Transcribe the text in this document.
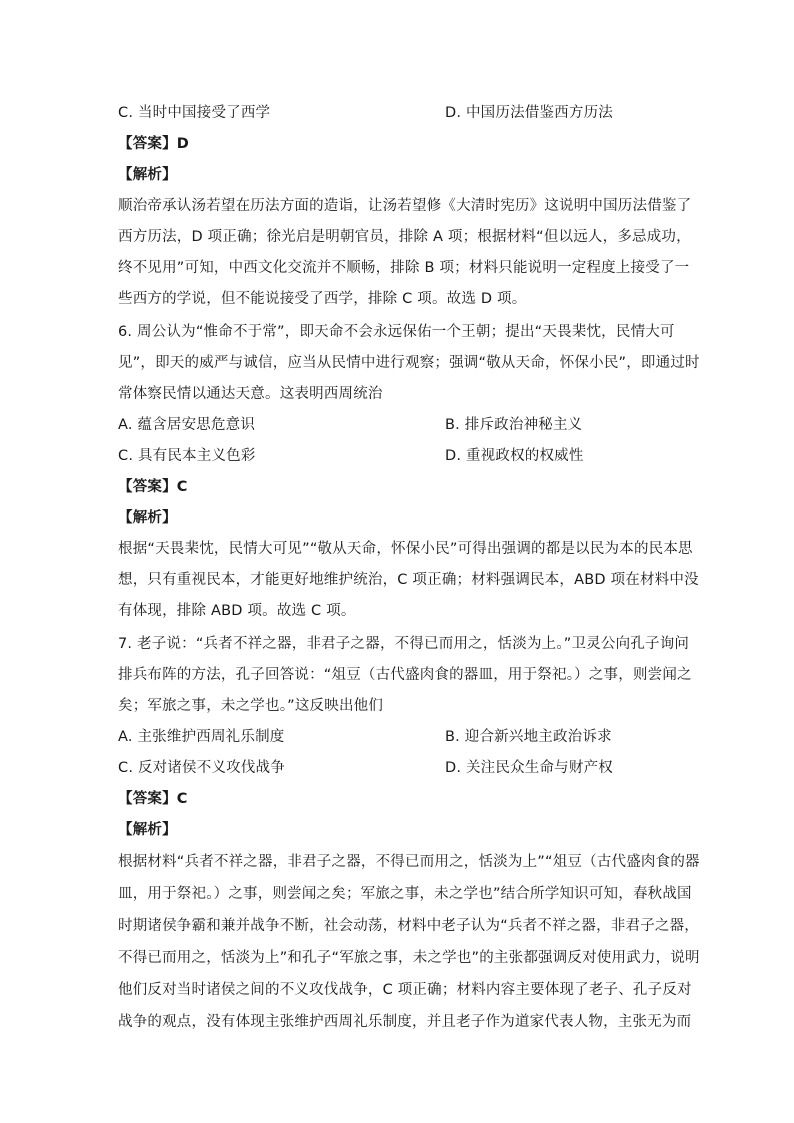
C. 当时中国接受了西学	D. 中国历法借鉴西方历法
【答案】D
【解析】
顺治帝承认汤若望在历法方面的造诣，让汤若望修《大清时宪历》这说明中国历法借鉴了
西方历法，D 项正确；徐光启是明朝官员，排除 A 项；根据材料“但以远人，多忌成功，
终不见用”可知，中西文化交流并不顺畅，排除 B 项；材料只能说明一定程度上接受了一
些西方的学说，但不能说接受了西学，排除 C 项。故选 D 项。
6. 周公认为“惟命不于常”，即天命不会永远保佑一个王朝；提出“天畏棐忱，民情大可
见”，即天的威严与诚信，应当从民情中进行观察；强调“敬从天命，怀保小民”，即通过时
常体察民情以通达天意。这表明西周统治
A. 蕴含居安思危意识	B. 排斥政治神秘主义
C. 具有民本主义色彩	D. 重视政权的权威性
【答案】C
【解析】
根据“天畏棐忱，民情大可见”“敬从天命，怀保小民”可得出强调的都是以民为本的民本思
想，只有重视民本，才能更好地维护统治，C 项正确；材料强调民本，ABD 项在材料中没
有体现，排除 ABD 项。故选 C 项。
7. 老子说：“兵者不祥之器，非君子之器，不得已而用之，恬淡为上。”卫灵公向孔子询问
排兵布阵的方法，孔子回答说：“俎豆（古代盛肉食的器皿，用于祭祀。）之事，则尝闻之
矣；军旅之事，未之学也。”这反映出他们
A. 主张维护西周礼乐制度	B. 迎合新兴地主政治诉求
C. 反对诸侯不义攻伐战争	D. 关注民众生命与财产权
【答案】C
【解析】
根据材料“兵者不祥之器，非君子之器，不得已而用之，恬淡为上”“俎豆（古代盛肉食的器
皿，用于祭祀。）之事，则尝闻之矣；军旅之事，未之学也”结合所学知识可知，春秋战国
时期诸侯争霸和兼并战争不断，社会动荡，材料中老子认为“兵者不祥之器，非君子之器，
不得已而用之，恬淡为上”和孔子“军旅之事，未之学也”的主张都强调反对使用武力，说明
他们反对当时诸侯之间的不义攻伐战争，C 项正确；材料内容主要体现了老子、孔子反对
战争的观点，没有体现主张维护西周礼乐制度，并且老子作为道家代表人物，主张无为而
